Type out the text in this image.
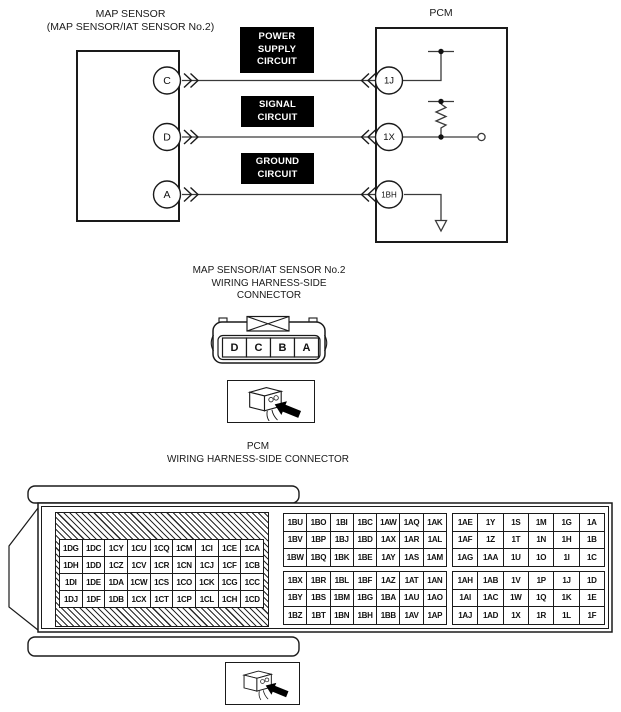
MAP SENSOR
(MAP SENSOR/IAT SENSOR No.2)
PCM
POWER
SUPPLY
CIRCUIT
SIGNAL
CIRCUIT
GROUND
CIRCUIT
C
D
A
1J
1X
1BH
MAP SENSOR/IAT SENSOR No.2
WIRING HARNESS-SIDE
CONNECTOR
D C B A
PCM
WIRING HARNESS-SIDE CONNECTOR
1DG 1DC 1CY 1CU 1CQ 1CM	1CI	1CE 1CA
1DH 1DD	1CZ	1CV 1CR 1CN	1CJ	1CF	1CB
1DI	1DE 1DA 1CW 1CS 1CO 1CK 1CG 1CC
1DJ	1DF	1DB 1CX	1CT	1CP	1CL	1CH 1CD
1BU 1BO	1BI	1BC 1AW 1AQ 1AK
1BV	1BP	1BJ	1BD	1AX	1AR	1AL
1BW 1BQ 1BK	1BE	1AY	1AS 1AM
1BX	1BR	1BL	1BF	1AZ	1AT	1AN
1BY	1BS 1BM 1BG 1BA	1AU 1AO
1BZ	1BT	1BN	1BH	1BB	1AV	1AP
1AE	1Y	1S	1M	1G	1A
1AF	1Z	1T	1N	1H	1B
1AG	1AA	1U	1O	1I	1C
1AH	1AB	1V	1P	1J	1D
1AI	1AC	1W	1Q	1K	1E
1AJ	1AD	1X	1R	1L	1F
